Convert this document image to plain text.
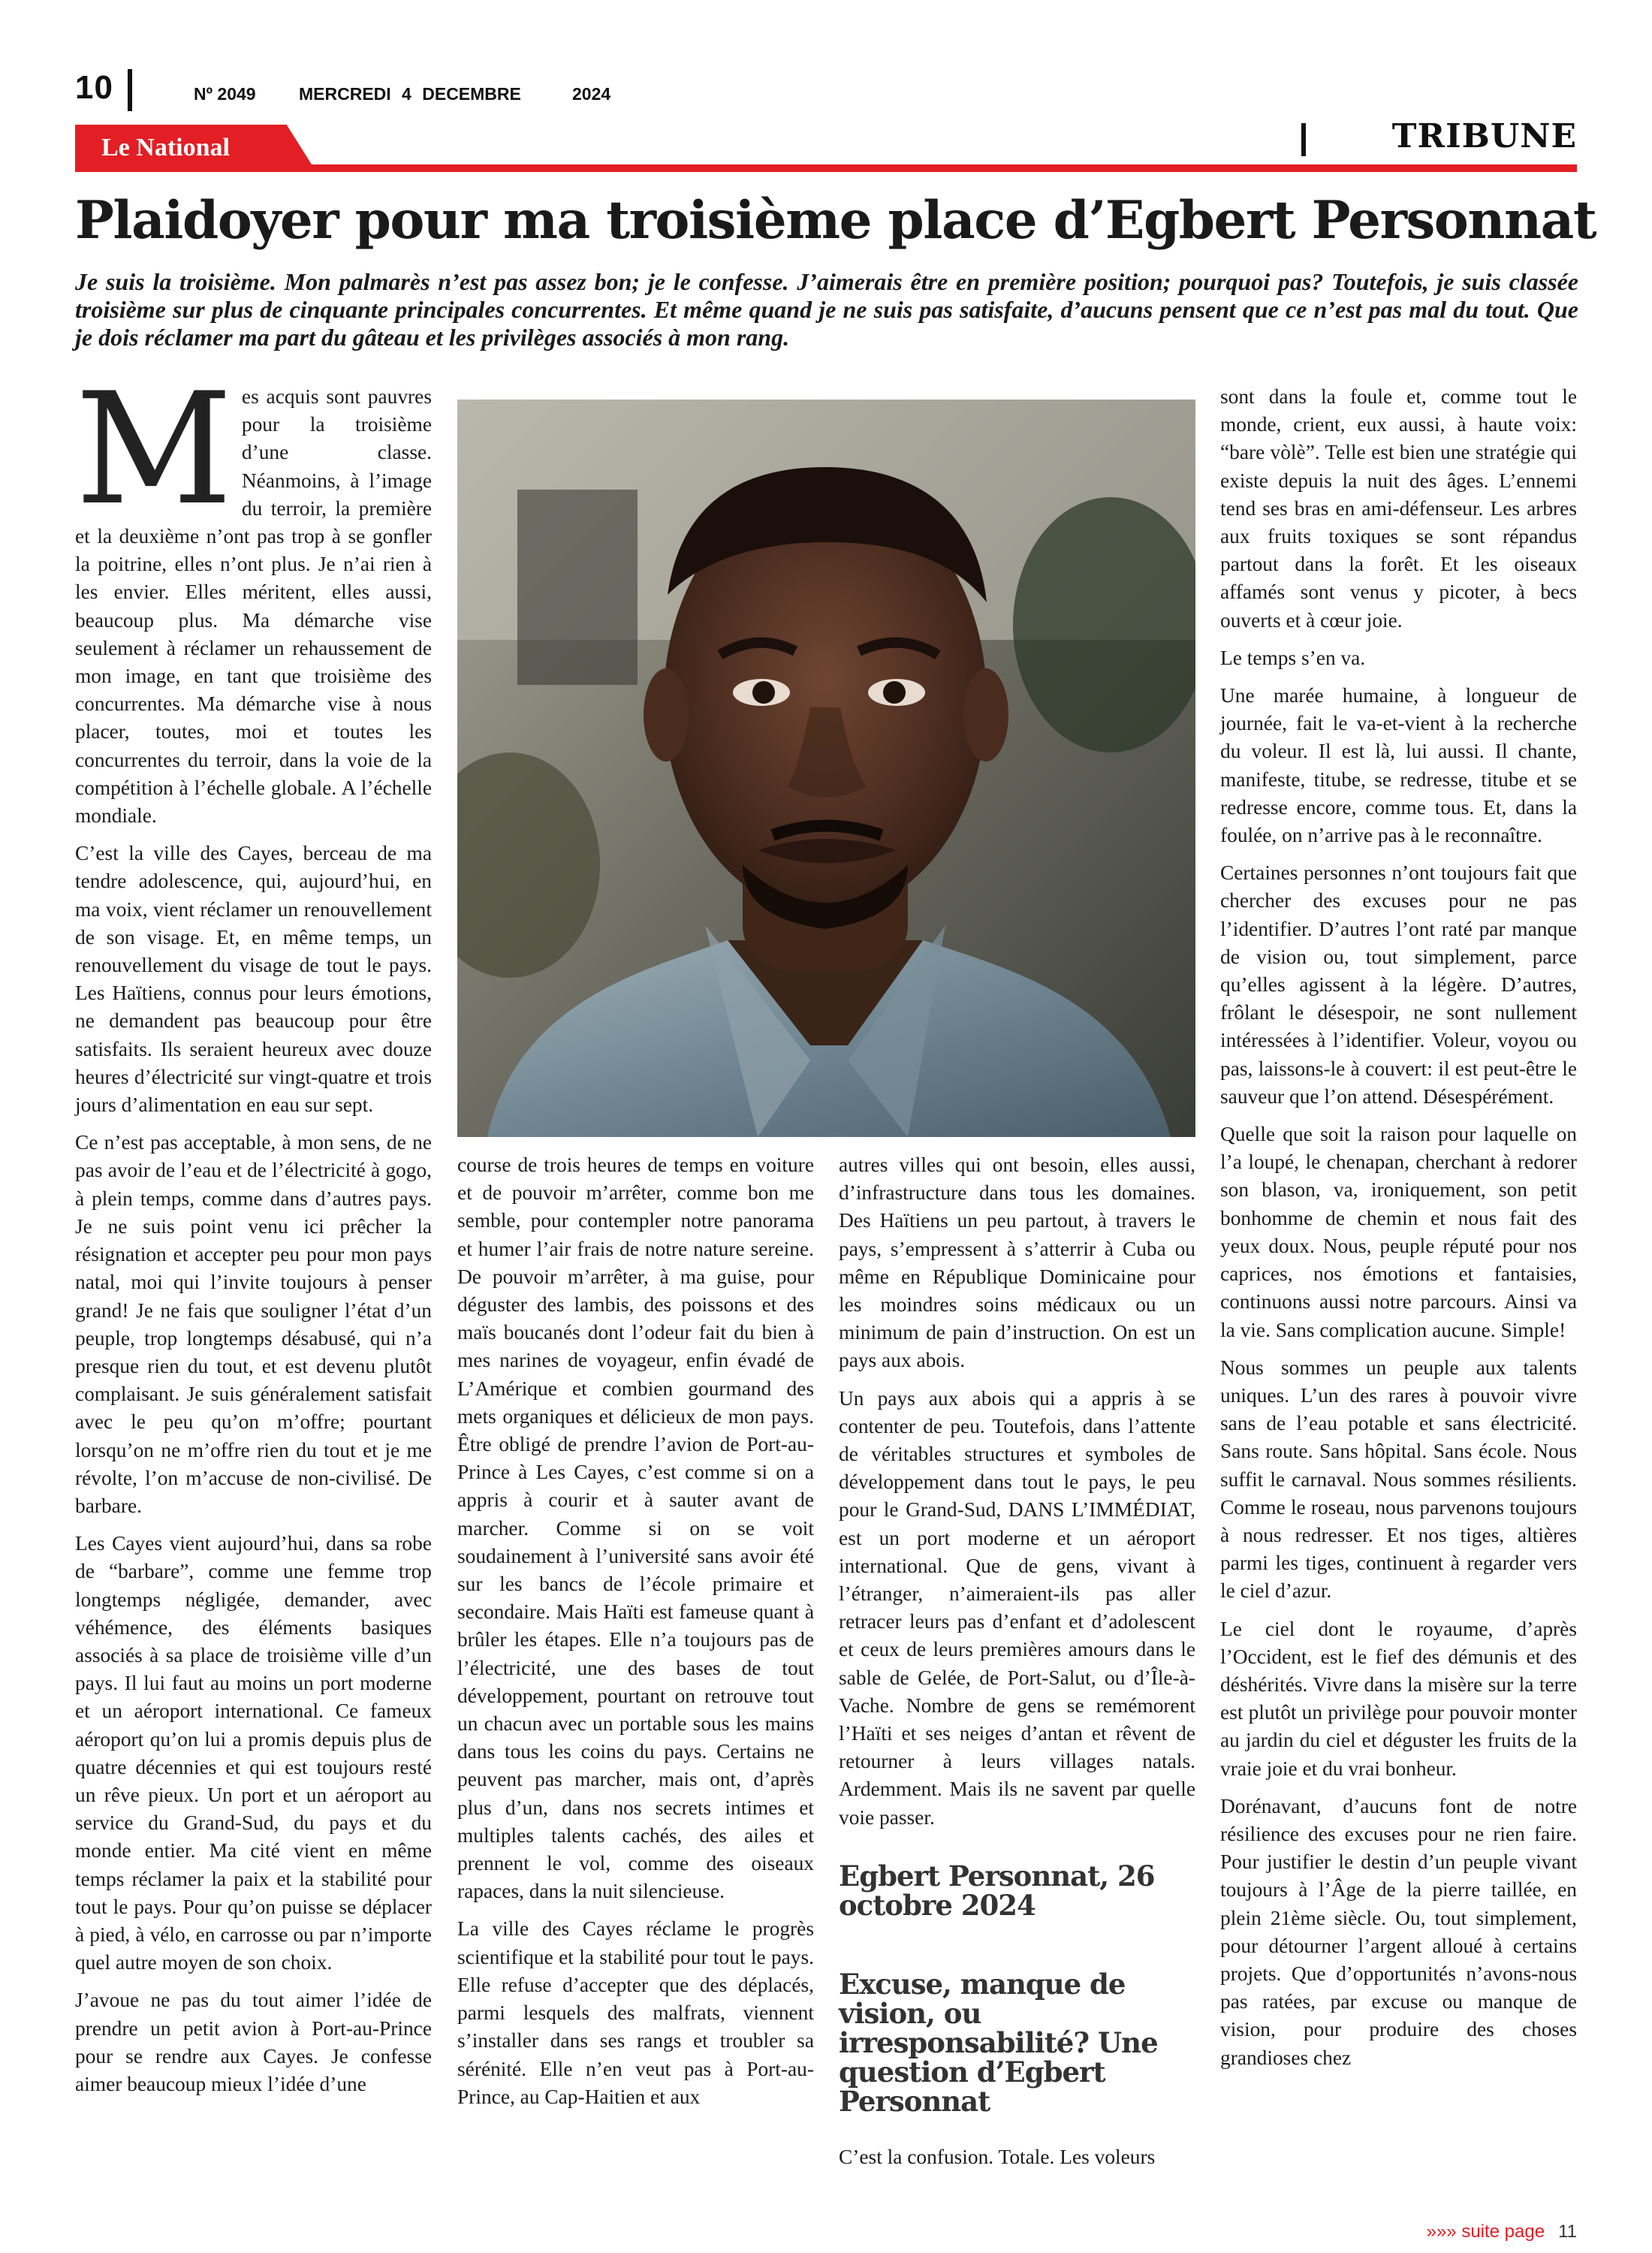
10	Nº 2049 MERCREDI 4 DECEMBRE	2024
Le National	TRIBUNE
Plaidoyer pour ma troisième place d’Egbert Personnat
Je suis la troisième. Mon palmarès n’est pas assez bon; je le confesse. J’aimerais être en première position; pourquoi pas? Toutefois, je suis classée troisième sur plus de cinquante principales concurrentes. Et même quand je ne suis pas satisfaite, d’aucuns pensent que ce n’est pas mal du tout. Que je dois réclamer ma part du gâteau et les privilèges associés à mon rang.

Mes acquis sont pauvres pour la troisième d’une classe. Néanmoins, à l’image du terroir, la première et la deuxième n’ont pas trop à se gonfler la poitrine, elles n’ont plus. Je n’ai rien à les envier. Elles méritent, elles aussi, beaucoup plus. Ma démarche vise seulement à réclamer un rehaussement de mon image, en tant que troisième des concurrentes. Ma démarche vise à nous placer, toutes, moi et toutes les concurrentes du terroir, dans la voie de la compétition à l’échelle globale. A l’échelle mondiale.

C’est la ville des Cayes, berceau de ma tendre adolescence, qui, aujourd’hui, en ma voix, vient réclamer un renouvellement de son visage. Et, en même temps, un renouvellement du visage de tout le pays. Les Haïtiens, connus pour leurs émotions, ne demandent pas beaucoup pour être satisfaits. Ils seraient heureux avec douze heures d’électricité sur vingt-quatre et trois jours d’alimentation en eau sur sept.

Ce n’est pas acceptable, à mon sens, de ne pas avoir de l’eau et de l’électricité à gogo, à plein temps, comme dans d’autres pays. Je ne suis point venu ici prêcher la résignation et accepter peu pour mon pays natal, moi qui l’invite toujours à penser grand! Je ne fais que souligner l’état d’un peuple, trop longtemps désabusé, qui n’a presque rien du tout, et est devenu plutôt complaisant. Je suis généralement satisfait avec le peu qu’on m’offre; pourtant lorsqu’on ne m’offre rien du tout et je me révolte, l’on m’accuse de non-civilisé. De barbare.

Les Cayes vient aujourd’hui, dans sa robe de “barbare”, comme une femme trop longtemps négligée, demander, avec véhémence, des éléments basiques associés à sa place de troisième ville d’un pays. Il lui faut au moins un port moderne et un aéroport international. Ce fameux aéroport qu’on lui a promis depuis plus de quatre décennies et qui est toujours resté un rêve pieux. Un port et un aéroport au service du Grand-Sud, du pays et du monde entier. Ma cité vient en même temps réclamer la paix et la stabilité pour tout le pays. Pour qu’on puisse se déplacer à pied, à vélo, en carrosse ou par n’importe quel autre moyen de son choix.

J’avoue ne pas du tout aimer l’idée de prendre un petit avion à Port-au-Prince pour se rendre aux Cayes. Je confesse aimer beaucoup mieux l’idée d’une

course de trois heures de temps en voiture et de pouvoir m’arrêter, comme bon me semble, pour contempler notre panorama et humer l’air frais de notre nature sereine. De pouvoir m’arrêter, à ma guise, pour déguster des lambis, des poissons et des maïs boucanés dont l’odeur fait du bien à mes narines de voyageur, enfin évadé de L’Amérique et combien gourmand des mets organiques et délicieux de mon pays. Être obligé de prendre l’avion de Port-au-Prince à Les Cayes, c’est comme si on a appris à courir et à sauter avant de marcher. Comme si on se voit soudainement à l’université sans avoir été sur les bancs de l’école primaire et secondaire. Mais Haïti est fameuse quant à brûler les étapes. Elle n’a toujours pas de l’électricité, une des bases de tout développement, pourtant on retrouve tout un chacun avec un portable sous les mains dans tous les coins du pays. Certains ne peuvent pas marcher, mais ont, d’après plus d’un, dans nos secrets intimes et multiples talents cachés, des ailes et prennent le vol, comme des oiseaux rapaces, dans la nuit silencieuse.

La ville des Cayes réclame le progrès scientifique et la stabilité pour tout le pays. Elle refuse d’accepter que des déplacés, parmi lesquels des malfrats, viennent s’installer dans ses rangs et troubler sa sérénité. Elle n’en veut pas à Port-au-Prince, au Cap-Haitien et aux

autres villes qui ont besoin, elles aussi, d’infrastructure dans tous les domaines. Des Haïtiens un peu partout, à travers le pays, s’empressent à s’atterrir à Cuba ou même en République Dominicaine pour les moindres soins médicaux ou un minimum de pain d’instruction. On est un pays aux abois.

Un pays aux abois qui a appris à se contenter de peu. Toutefois, dans l’attente de véritables structures et symboles de développement dans tout le pays, le peu pour le Grand-Sud, DANS L’IMMÉDIAT, est un port moderne et un aéroport international. Que de gens, vivant à l’étranger, n’aimeraient-ils pas aller retracer leurs pas d’enfant et d’adolescent et ceux de leurs premières amours dans le sable de Gelée, de Port-Salut, ou d’Île-à-Vache. Nombre de gens se remémorent l’Haïti et ses neiges d’antan et rêvent de retourner à leurs villages natals. Ardemment. Mais ils ne savent par quelle voie passer.

Egbert Personnat, 26 octobre 2024
Excuse, manque de vision, ou irresponsabilité? Une question d’Egbert Personnat

C’est la confusion. Totale. Les voleurs

sont dans la foule et, comme tout le monde, crient, eux aussi, à haute voix: “bare vòlè”. Telle est bien une stratégie qui existe depuis la nuit des âges. L’ennemi tend ses bras en ami-défenseur. Les arbres aux fruits toxiques se sont répandus partout dans la forêt. Et les oiseaux affamés sont venus y picoter, à becs ouverts et à cœur joie.

Le temps s’en va.

Une marée humaine, à longueur de journée, fait le va-et-vient à la recherche du voleur. Il est là, lui aussi. Il chante, manifeste, titube, se redresse, titube et se redresse encore, comme tous. Et, dans la foulée, on n’arrive pas à le reconnaître.

Certaines personnes n’ont toujours fait que chercher des excuses pour ne pas l’identifier. D’autres l’ont raté par manque de vision ou, tout simplement, parce qu’elles agissent à la légère. D’autres, frôlant le désespoir, ne sont nullement intéressées à l’identifier. Voleur, voyou ou pas, laissons-le à couvert: il est peut-être le sauveur que l’on attend. Désespérément.

Quelle que soit la raison pour laquelle on l’a loupé, le chenapan, cherchant à redorer son blason, va, ironiquement, son petit bonhomme de chemin et nous fait des yeux doux. Nous, peuple réputé pour nos caprices, nos émotions et fantaisies, continuons aussi notre parcours. Ainsi va la vie. Sans complication aucune. Simple!

Nous sommes un peuple aux talents uniques. L’un des rares à pouvoir vivre sans de l’eau potable et sans électricité. Sans route. Sans hôpital. Sans école. Nous suffit le carnaval. Nous sommes résilients. Comme le roseau, nous parvenons toujours à nous redresser. Et nos tiges, altières parmi les tiges, continuent à regarder vers le ciel d’azur.

Le ciel dont le royaume, d’après l’Occident, est le fief des démunis et des déshérités. Vivre dans la misère sur la terre est plutôt un privilège pour pouvoir monter au jardin du ciel et déguster les fruits de la vraie joie et du vrai bonheur.

Dorénavant, d’aucuns font de notre résilience des excuses pour ne rien faire. Pour justifier le destin d’un peuple vivant toujours à l’Âge de la pierre taillée, en plein 21ème siècle. Ou, tout simplement, pour détourner l’argent alloué à certains projets. Que d’opportunités n’avons-nous pas ratées, par excuse ou manque de vision, pour produire des choses grandioses chez

»»» suite page 11
